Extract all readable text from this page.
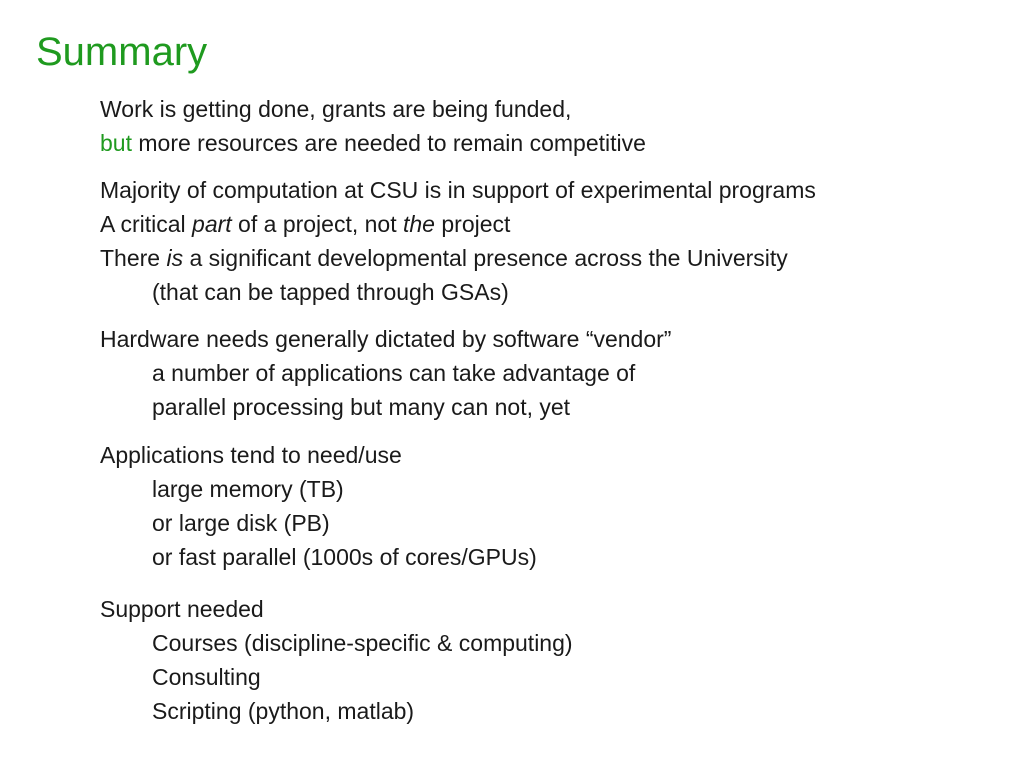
Summary
Work is getting done, grants are being funded,
but more resources are needed to remain competitive
Majority of computation at CSU is in support of experimental programs
A critical part of a project, not the project
There is a significant developmental presence across the University
(that can be tapped through GSAs)
Hardware needs generally dictated by software “vendor”
a number of applications can take advantage of
parallel processing but many can not, yet
Applications tend to need/use
large memory (TB)
or large disk (PB)
or fast parallel (1000s of cores/GPUs)
Support needed
Courses (discipline-specific & computing)
Consulting
Scripting (python, matlab)
